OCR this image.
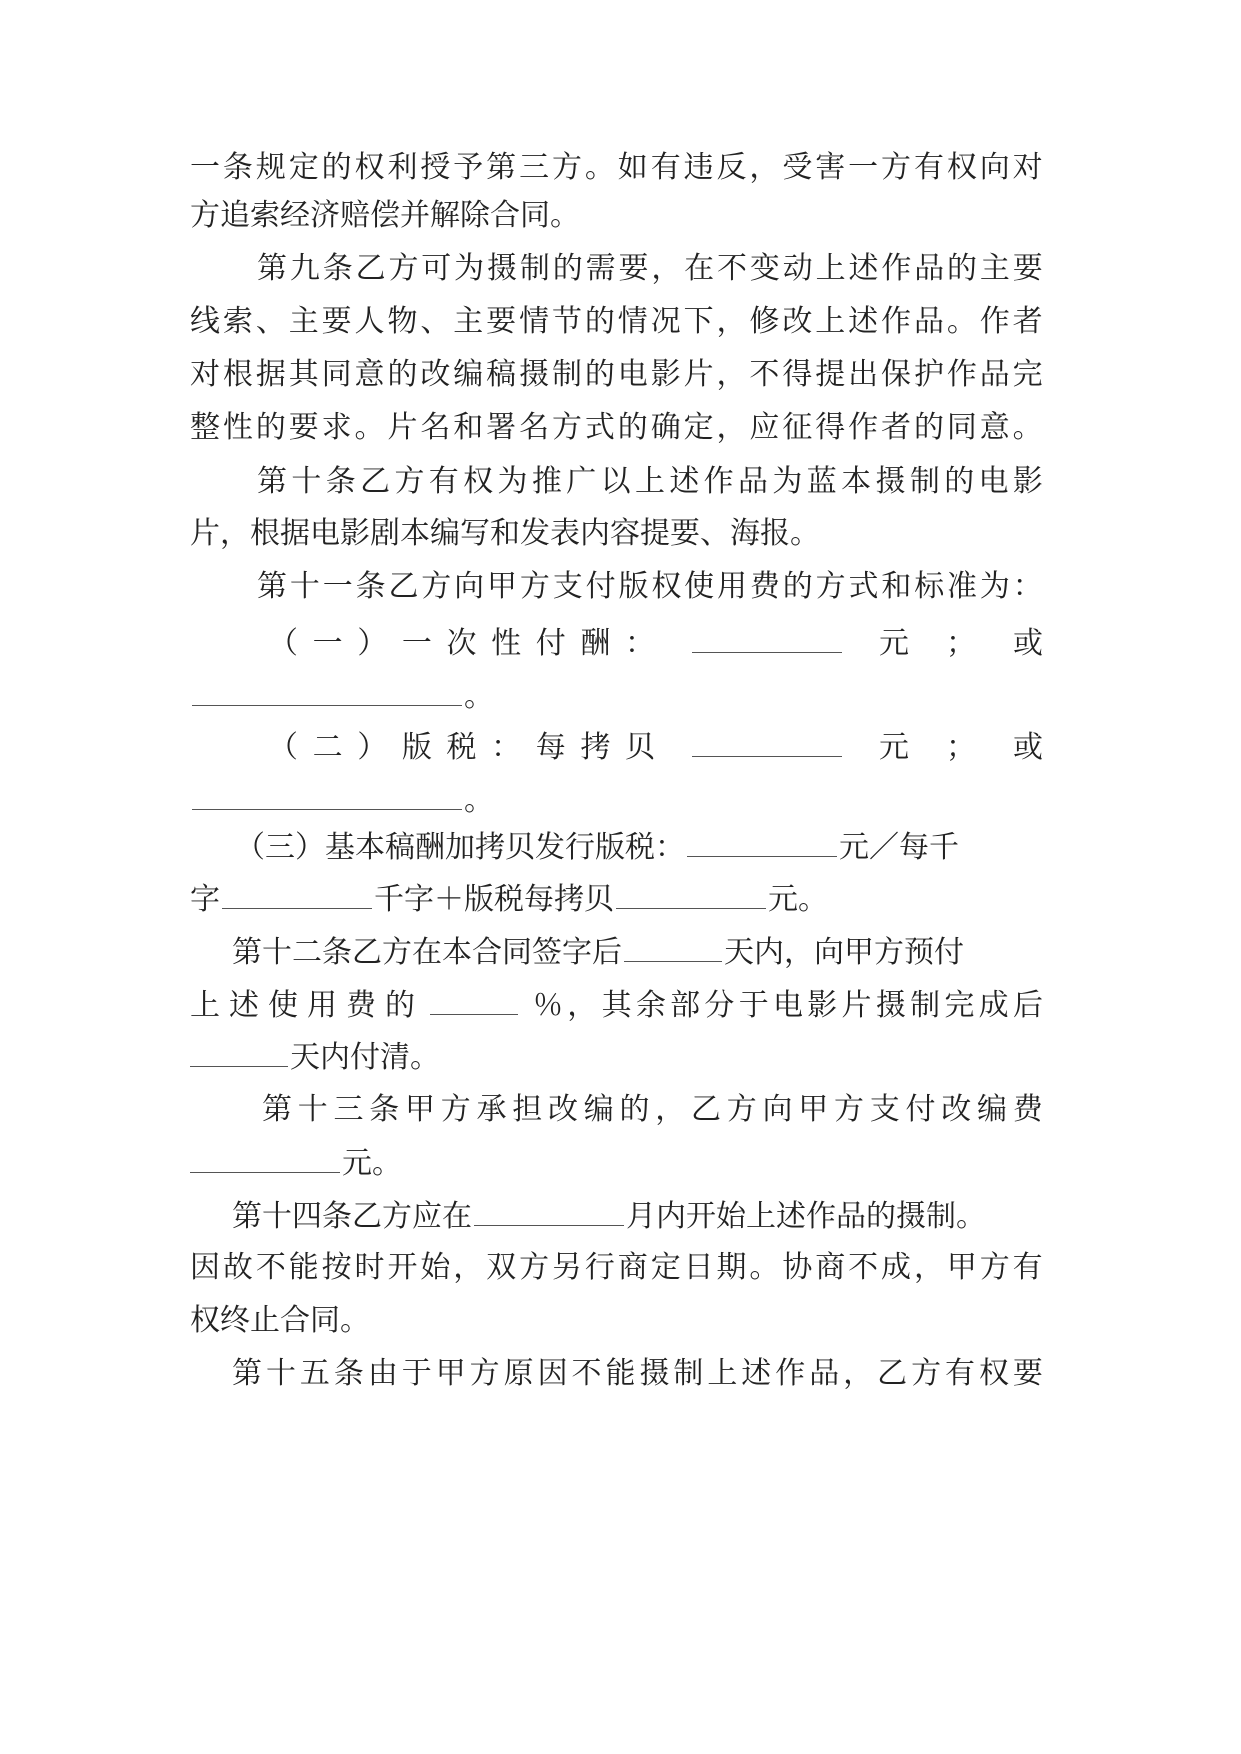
一 条 规 定 的 权 利 授 予 第 三 方 。 如 有 违 反 ， 受 害 一 方 有 权 向 对
方追索经济赔偿并解除合同。
第 九 条 乙 方 可 为 摄 制 的 需 要 ， 在 不 变 动 上 述 作 品 的 主 要
线 索 、 主 要 人 物 、 主 要 情 节 的 情 况 下 ， 修 改 上 述 作 品 。 作 者
对 根 据 其 同 意 的 改 编 稿 摄 制 的 电 影 片 ， 不 得 提 出 保 护 作 品 完
整 性 的 要 求 。 片 名 和 署 名 方 式 的 确 定 ， 应 征 得 作 者 的 同 意 。
第 十 条 乙 方 有 权 为 推 广 以 上 述 作 品 为 蓝 本 摄 制 的 电 影
片，根据电影剧本编写和发表内容提要、海报。
第 十 一 条 乙 方 向 甲 方 支 付 版 权 使 用 费 的 方 式 和 标 准 为 ：
（ 一 ） 一 次 性 付 酬 ：	元 ； 或
。
（ 二 ） 版 税 ： 每 拷 贝	元 ； 或
。
（三）基本稿酬加拷贝发行版税：	元／每千
字	千字＋版税每拷贝	元。
第十二条乙方在本合同签字后	天内，向甲方预付
上 述 使 用 费 的	％ ， 其 余 部 分 于 电 影 片 摄 制 完 成 后
天内付清。
第 十 三 条 甲 方 承 担 改 编 的 ， 乙 方 向 甲 方 支 付 改 编 费
元。
第十四条乙方应在	月内开始上述作品的摄制。
因 故 不 能 按 时 开 始 ， 双 方 另 行 商 定 日 期 。 协 商 不 成 ， 甲 方 有
权终止合同。
第 十 五 条 由 于 甲 方 原 因 不 能 摄 制 上 述 作 品 ， 乙 方 有 权 要
